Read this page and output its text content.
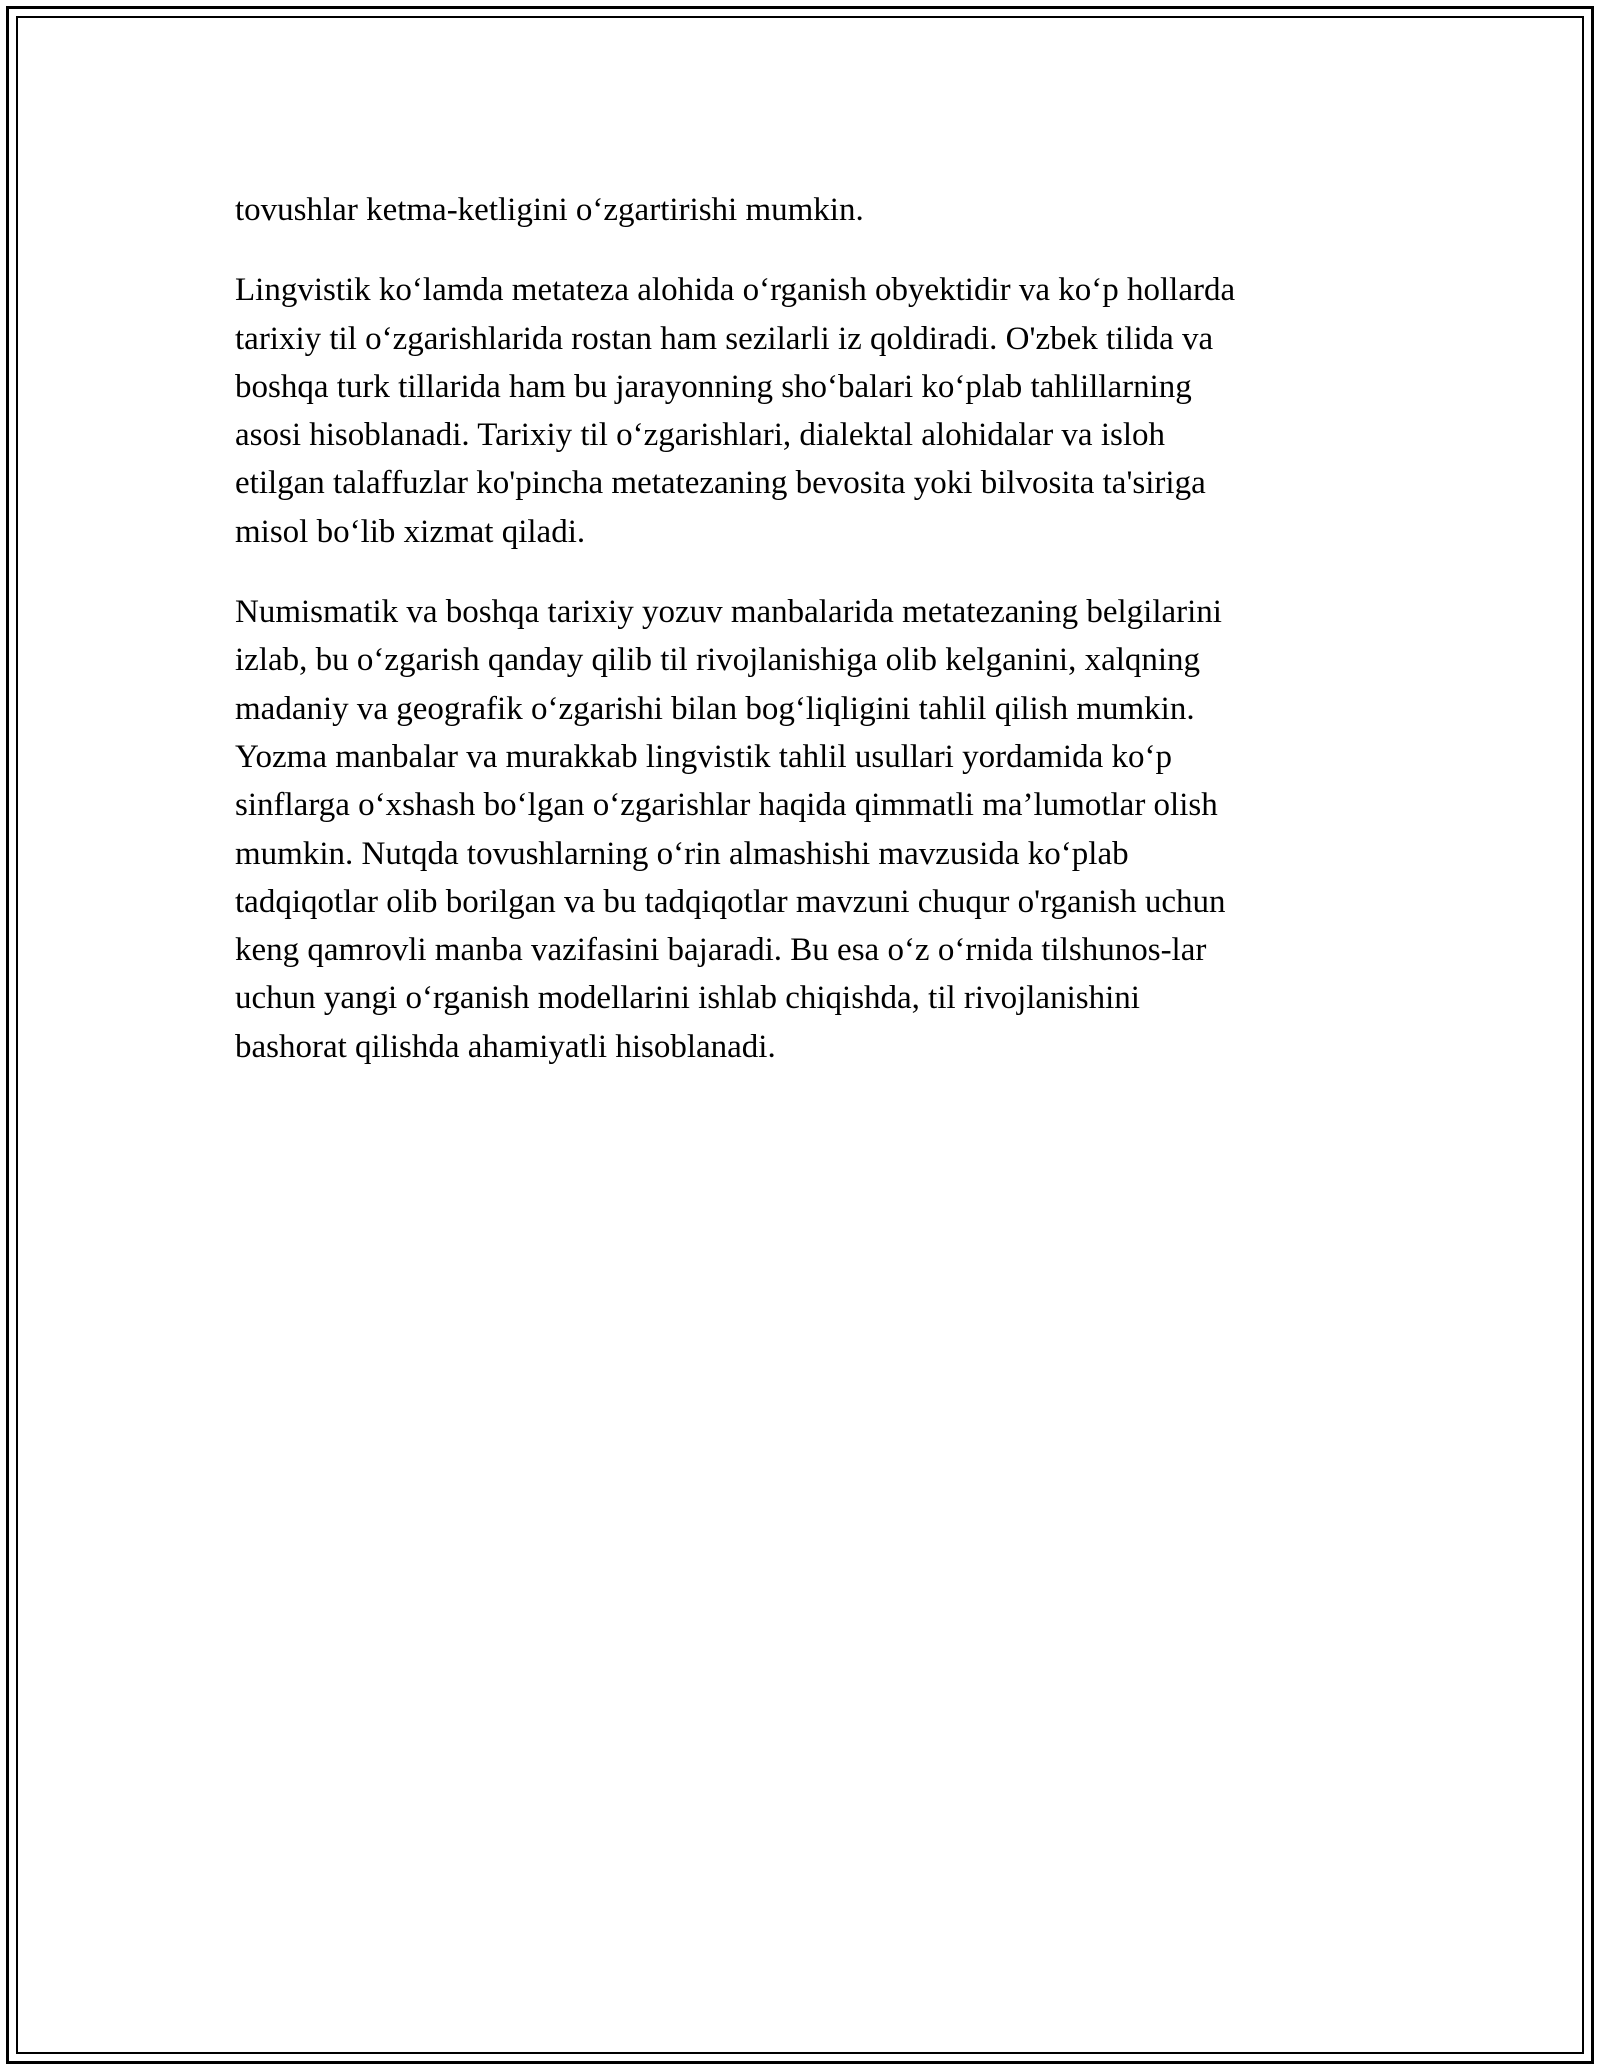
tovushlar ketma-ketligini o‘zgartirishi mumkin.

Lingvistik ko‘lamda metateza alohida o‘rganish obyektidir va ko‘p hollarda
tarixiy til o‘zgarishlarida rostan ham sezilarli iz qoldiradi. O'zbek tilida va
boshqa turk tillarida ham bu jarayonning sho‘balari ko‘plab tahlillarning
asosi hisoblanadi. Tarixiy til o‘zgarishlari, dialektal alohidalar va isloh
etilgan talaffuzlar ko'pincha metatezaning bevosita yoki bilvosita ta'siriga
misol bo‘lib xizmat qiladi.

Numismatik va boshqa tarixiy yozuv manbalarida metatezaning belgilarini
izlab, bu o‘zgarish qanday qilib til rivojlanishiga olib kelganini, xalqning
madaniy va geografik o‘zgarishi bilan bog‘liqligini tahlil qilish mumkin.
Yozma manbalar va murakkab lingvistik tahlil usullari yordamida ko‘p
sinflarga o‘xshash bo‘lgan o‘zgarishlar haqida qimmatli ma’lumotlar olish
mumkin. Nutqda tovushlarning o‘rin almashishi mavzusida ko‘plab
tadqiqotlar olib borilgan va bu tadqiqotlar mavzuni chuqur o'rganish uchun
keng qamrovli manba vazifasini bajaradi. Bu esa o‘z o‘rnida tilshunos-lar
uchun yangi o‘rganish modellarini ishlab chiqishda, til rivojlanishini
bashorat qilishda ahamiyatli hisoblanadi.
